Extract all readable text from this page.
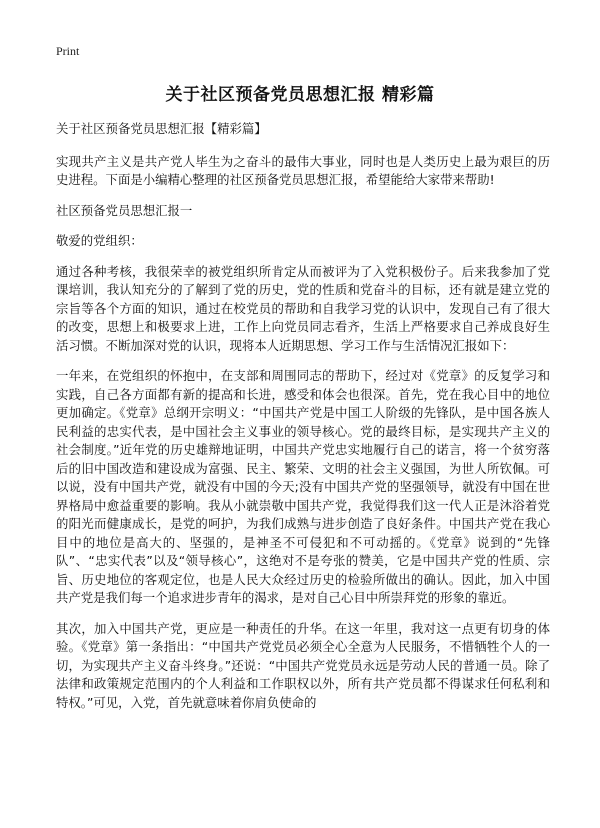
Print
关于社区预备党员思想汇报 精彩篇

关于社区预备党员思想汇报【精彩篇】

实现共产主义是共产党人毕生为之奋斗的最伟大事业，同时也是人类历史上最为艰巨的历史进程。下面是小编精心整理的社区预备党员思想汇报，希望能给大家带来帮助!

社区预备党员思想汇报一

敬爱的党组织：

通过各种考核，我很荣幸的被党组织所肯定从而被评为了入党积极份子。后来我参加了党课培训，我认知充分的了解到了党的历史，党的性质和党奋斗的目标，还有就是建立党的宗旨等各个方面的知识，通过在校党员的帮助和自我学习党的认识中，发现自己有了很大的改变，思想上和极要求上进，工作上向党员同志看齐，生活上严格要求自己养成良好生活习惯。不断加深对党的认识，现将本人近期思想、学习工作与生活情况汇报如下：

一年来，在党组织的怀抱中，在支部和周围同志的帮助下，经过对《党章》的反复学习和实践，自己各方面都有新的提高和长进，感受和体会也很深。首先，党在我心目中的地位更加确定。《党章》总纲开宗明义：“中国共产党是中国工人阶级的先锋队，是中国各族人民利益的忠实代表，是中国社会主义事业的领导核心。党的最终目标，是实现共产主义的社会制度。”近年党的历史雄辩地证明，中国共产党忠实地履行自己的诺言，将一个贫穷落后的旧中国改造和建设成为富强、民主、繁荣、文明的社会主义强国，为世人所钦佩。可以说，没有中国共产党，就没有中国的今天;没有中国共产党的坚强领导，就没有中国在世界格局中愈益重要的影响。我从小就崇敬中国共产党，我觉得我们这一代人正是沐浴着党的阳光而健康成长，是党的呵护，为我们成熟与进步创造了良好条件。中国共产党在我心目中的地位是高大的、坚强的，是神圣不可侵犯和不可动摇的。《党章》说到的“先锋队”、“忠实代表”以及“领导核心”，这绝对不是夸张的赞美，它是中国共产党的性质、宗旨、历史地位的客观定位，也是人民大众经过历史的检验所做出的确认。因此，加入中国共产党是我们每一个追求进步青年的渴求，是对自己心目中所崇拜党的形象的靠近。

其次，加入中国共产党，更应是一种责任的升华。在这一年里，我对这一点更有切身的体验。《党章》第一条指出：“中国共产党党员必须全心全意为人民服务，不惜牺牲个人的一切，为实现共产主义奋斗终身。”还说：“中国共产党党员永远是劳动人民的普通一员。除了法律和政策规定范围内的个人利益和工作职权以外，所有共产党员都不得谋求任何私利和特权。”可见，入党，首先就意味着你肩负使命的
